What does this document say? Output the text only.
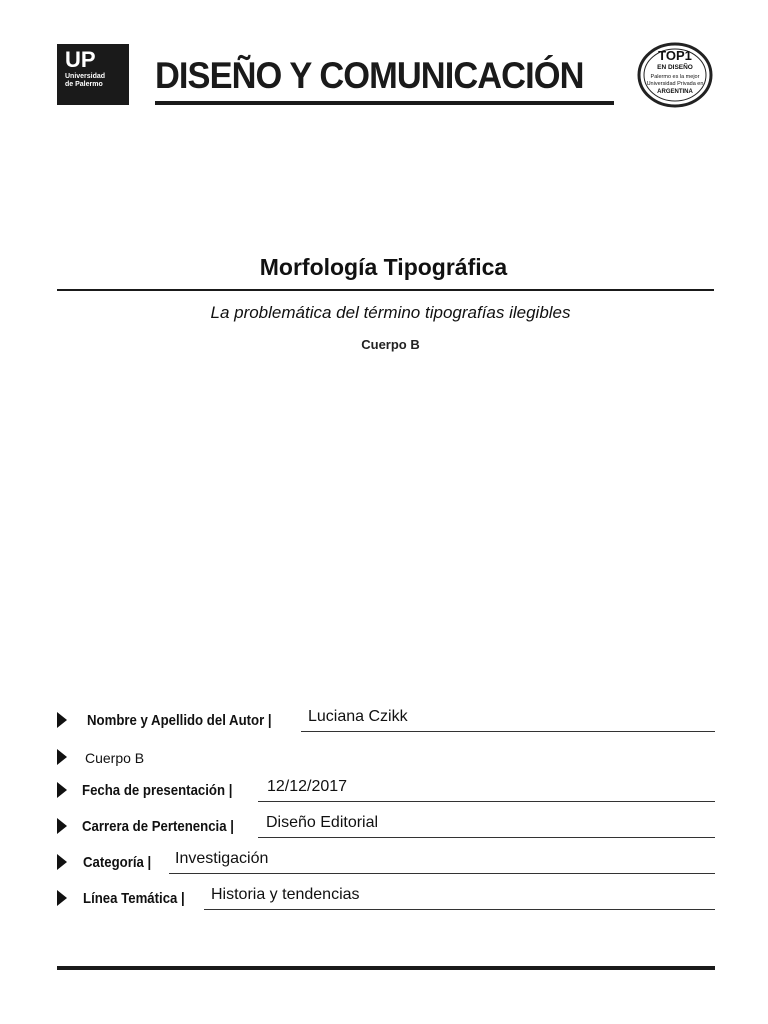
UP
Universidad
de Palermo DISEÑO Y COMUNICACIÓN	TOP1
EN DISEÑO
Palermo es la mejor
Universidad Privada en
ARGENTINA
Morfología Tipográfica
La problemática del término tipografías ilegibles
Cuerpo B
Nombre y Apellido del Autor | Luciana Czikk
Cuerpo B
Fecha de presentación | 12/12/2017
Carrera de Pertenencia | Diseño Editorial
Categoría | Investigación
Línea Temática | Historia y tendencias
